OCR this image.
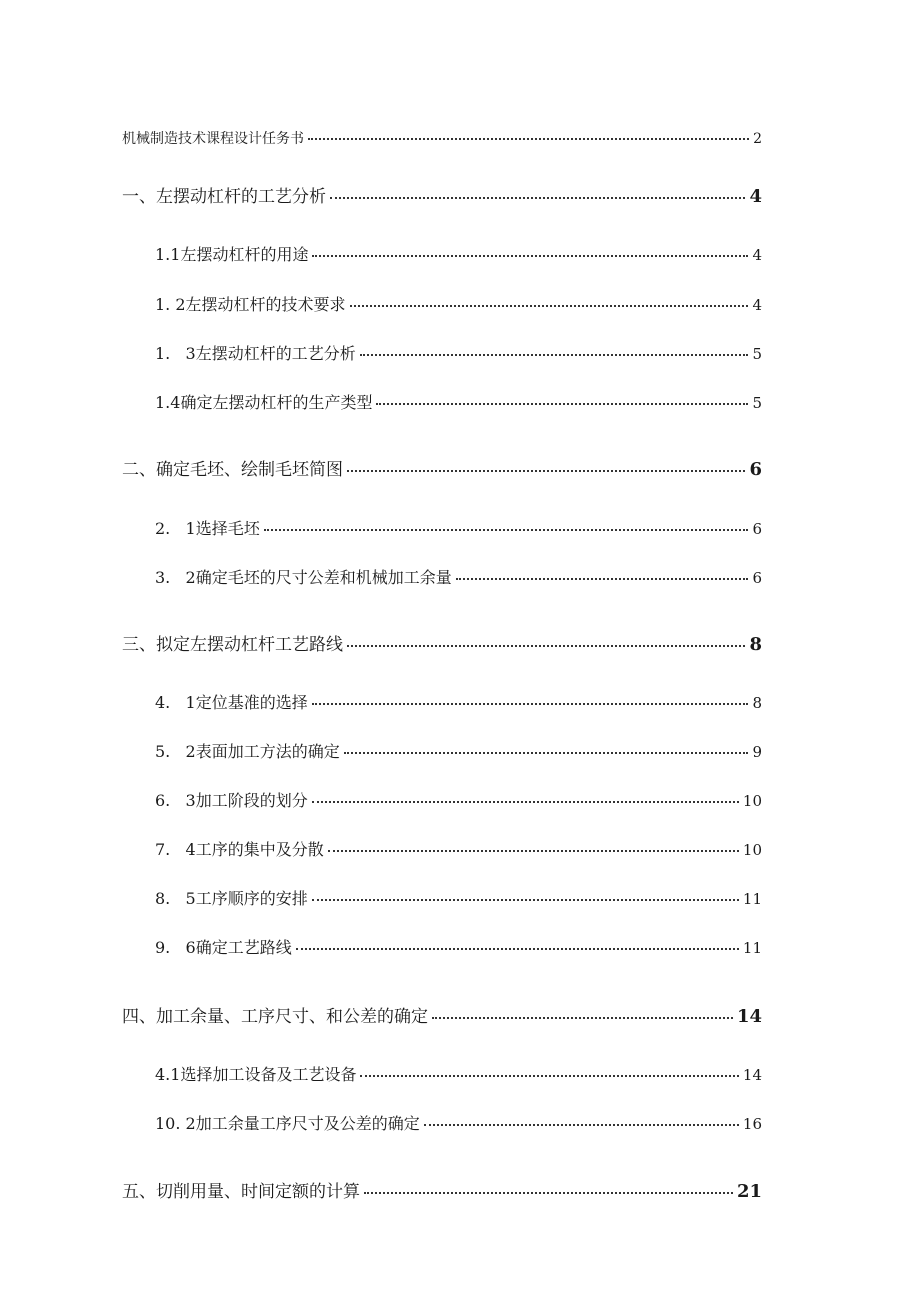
机械制造技术课程设计任务书	2
一、左摆动杠杆的工艺分析	4
1.1左摆动杠杆的用途	4
1. 2左摆动杠杆的技术要求	4
1.   3左摆动杠杆的工艺分析	5
1.4确定左摆动杠杆的生产类型	5
二、确定毛坯、绘制毛坯简图	6
2.   1选择毛坯	6
3.   2确定毛坯的尺寸公差和机械加工余量	6
三、拟定左摆动杠杆工艺路线	8
4.   1定位基准的选择	8
5.   2表面加工方法的确定	9
6.   3加工阶段的划分	10
7.   4工序的集中及分散	10
8.   5工序顺序的安排	11
9.   6确定工艺路线	11
四、加工余量、工序尺寸、和公差的确定	14
4.1选择加工设备及工艺设备	14
10. 2加工余量工序尺寸及公差的确定	16
五、切削用量、时间定额的计算	21
